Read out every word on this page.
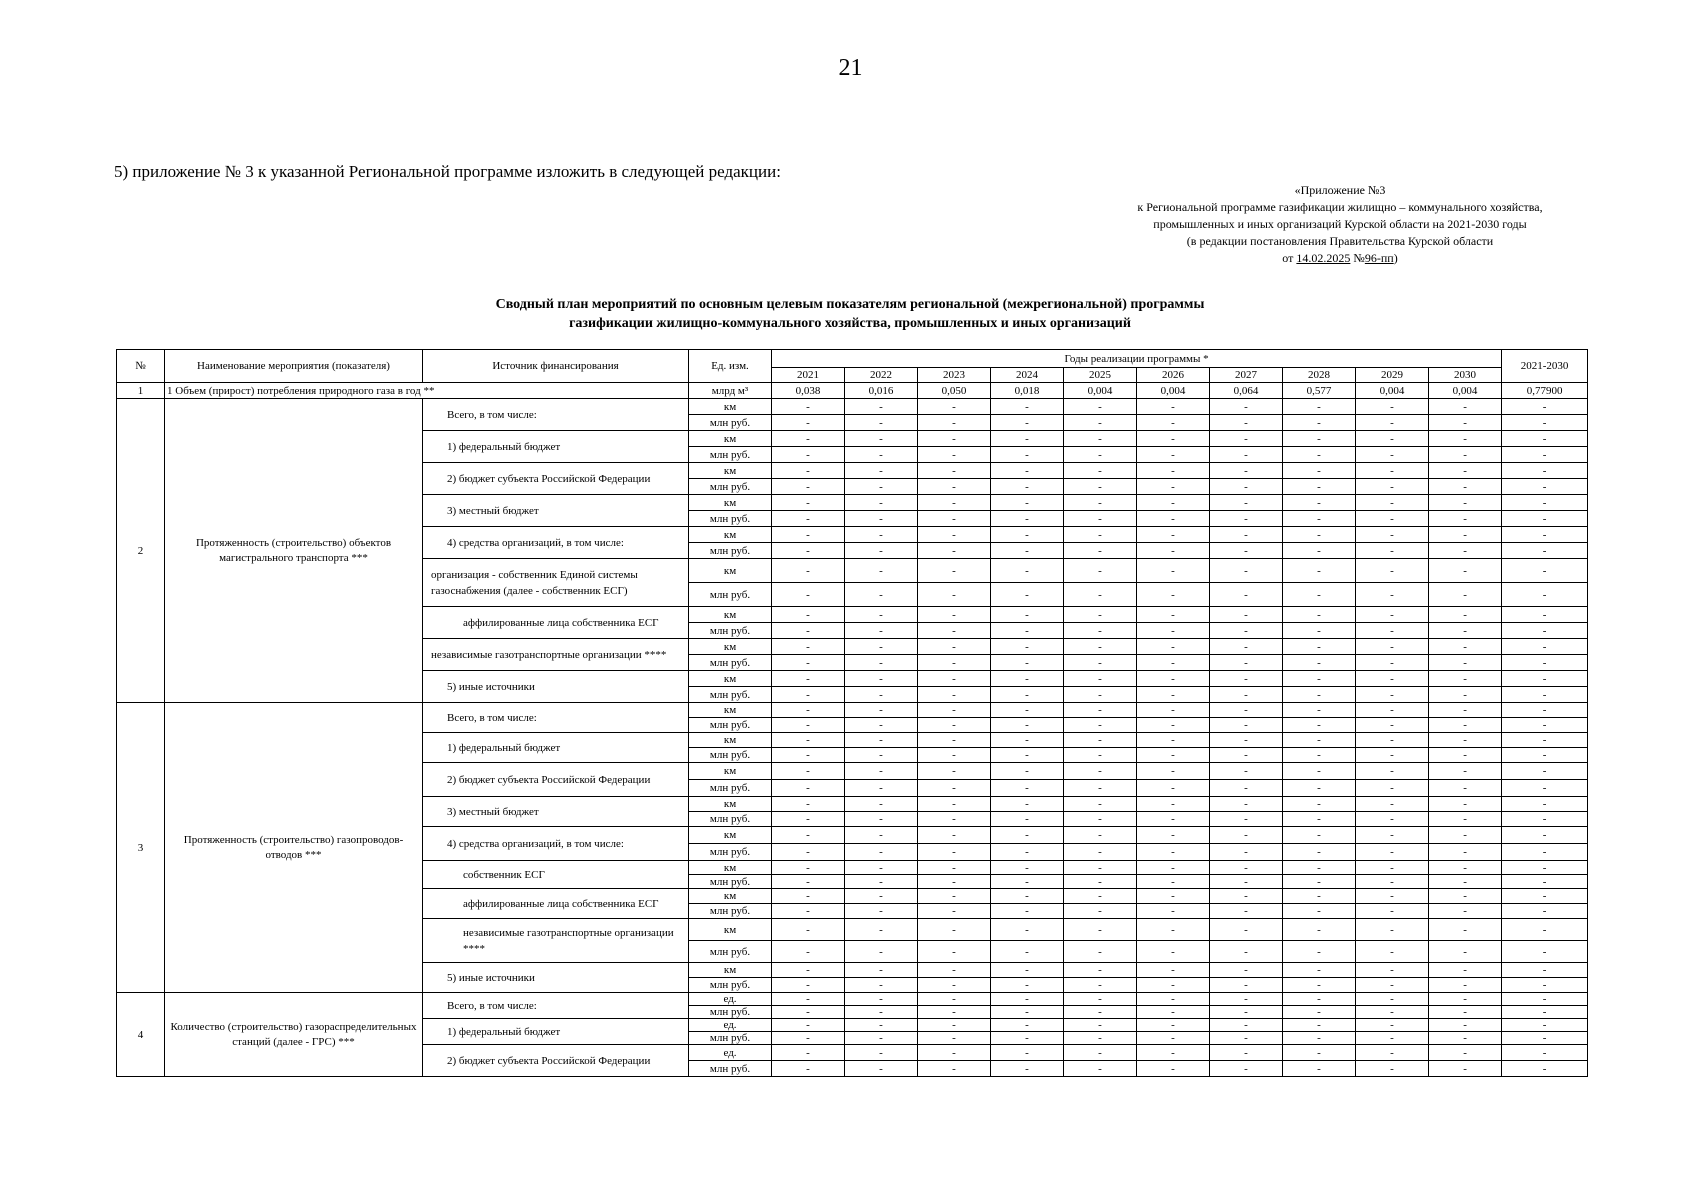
21
5) приложение № 3 к указанной Региональной программе изложить в следующей редакции:
«Приложение №3
к Региональной программе газификации жилищно – коммунального хозяйства,
промышленных и иных организаций Курской области на 2021-2030 годы
(в редакции постановления Правительства Курской области
от 14.02.2025 №96-пп)
Сводный план мероприятий по основным целевым показателям региональной (межрегиональной) программы
газификации жилищно-коммунального хозяйства, промышленных и иных организаций
№	Наименование мероприятия (показателя)	Источник финансирования	Ед. изм.	Годы реализации программы *										2021-2030
				2021	2022	2023	2024	2025	2026	2027	2028	2029	2030	
1	1 Объем (прирост) потребления природного газа в год **		млрд м³	0,038	0,016	0,050	0,018	0,004	0,004	0,064	0,577	0,004	0,004	0,77900
2	Протяженность (строительство) объектов магистрального транспорта ***	Всего, в том числе:	км	-	-	-	-	-	-	-	-	-	-	-
			млн руб.	-	-	-	-	-	-	-	-	-	-	-
		1) федеральный бюджет	км	-	-	-	-	-	-	-	-	-	-	-
			млн руб.	-	-	-	-	-	-	-	-	-	-	-
		2) бюджет субъекта Российской Федерации	км	-	-	-	-	-	-	-	-	-	-	-
			млн руб.	-	-	-	-	-	-	-	-	-	-	-
		3) местный бюджет	км	-	-	-	-	-	-	-	-	-	-	-
			млн руб.	-	-	-	-	-	-	-	-	-	-	-
		4) средства организаций, в том числе:	км	-	-	-	-	-	-	-	-	-	-	-
			млн руб.	-	-	-	-	-	-	-	-	-	-	-
		организация - собственник Единой системы газоснабжения (далее - собственник ЕСГ)	км	-	-	-	-	-	-	-	-	-	-	-
			млн руб.	-	-	-	-	-	-	-	-	-	-	-
		аффилированные лица собственника ЕСГ	км	-	-	-	-	-	-	-	-	-	-	-
			млн руб.	-	-	-	-	-	-	-	-	-	-	-
		независимые газотранспортные организации ****	км	-	-	-	-	-	-	-	-	-	-	-
			млн руб.	-	-	-	-	-	-	-	-	-	-	-
		5) иные источники	км	-	-	-	-	-	-	-	-	-	-	-
			млн руб.	-	-	-	-	-	-	-	-	-	-	-
3	Протяженность (строительство) газопроводов-отводов ***	Всего, в том числе:	км	-	-	-	-	-	-	-	-	-	-	-
			млн руб.	-	-	-	-	-	-	-	-	-	-	-
		1) федеральный бюджет	км	-	-	-	-	-	-	-	-	-	-	-
			млн руб.	-	-	-	-	-	-	-	-	-	-	-
		2) бюджет субъекта Российской Федерации	км	-	-	-	-	-	-	-	-	-	-	-
			млн руб.	-	-	-	-	-	-	-	-	-	-	-
		3) местный бюджет	км	-	-	-	-	-	-	-	-	-	-	-
			млн руб.	-	-	-	-	-	-	-	-	-	-	-
		4) средства организаций, в том числе:	км	-	-	-	-	-	-	-	-	-	-	-
			млн руб.	-	-	-	-	-	-	-	-	-	-	-
		собственник ЕСГ	км	-	-	-	-	-	-	-	-	-	-	-
			млн руб.	-	-	-	-	-	-	-	-	-	-	-
		аффилированные лица собственника ЕСГ	км	-	-	-	-	-	-	-	-	-	-	-
			млн руб.	-	-	-	-	-	-	-	-	-	-	-
		независимые газотранспортные организации ****	км	-	-	-	-	-	-	-	-	-	-	-
			млн руб.	-	-	-	-	-	-	-	-	-	-	-
		5) иные источники	км	-	-	-	-	-	-	-	-	-	-	-
			млн руб.	-	-	-	-	-	-	-	-	-	-	-
4	Количество (строительство) газораспределительных станций (далее - ГРС) ***	Всего, в том числе:	ед.	-	-	-	-	-	-	-	-	-	-	-
			млн руб.	-	-	-	-	-	-	-	-	-	-	-
		1) федеральный бюджет	ед.	-	-	-	-	-	-	-	-	-	-	-
			млн руб.	-	-	-	-	-	-	-	-	-	-	-
		2) бюджет субъекта Российской Федерации	ед.	-	-	-	-	-	-	-	-	-	-	-
			млн руб.	-	-	-	-	-	-	-	-	-	-	-
